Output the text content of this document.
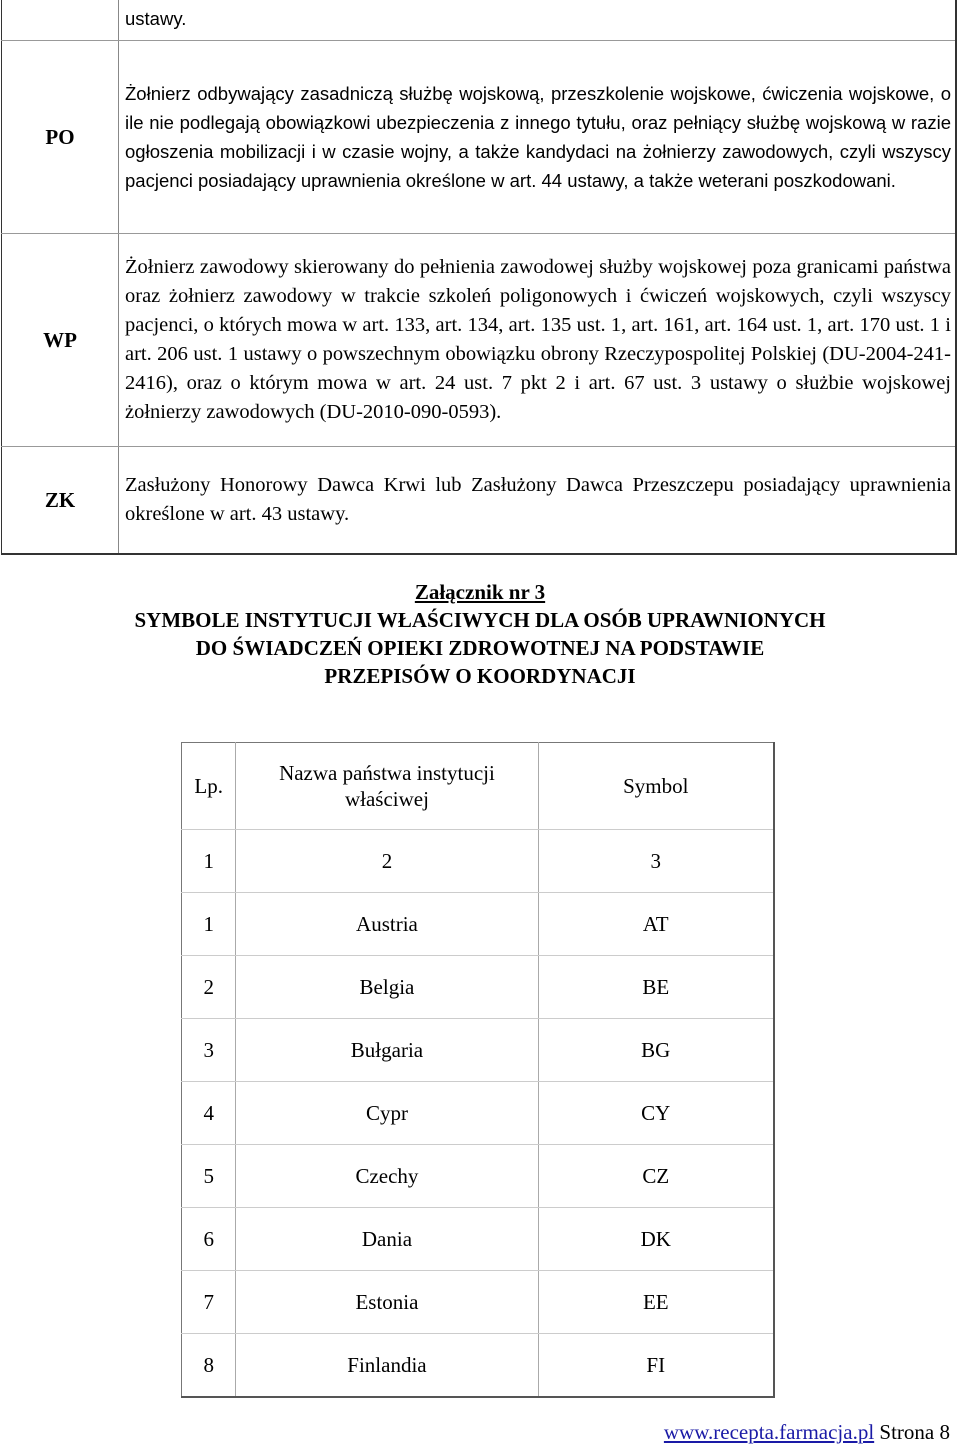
	ustawy.
PO	Żołnierz odbywający zasadniczą służbę wojskową, przeszkolenie wojskowe, ćwiczenia wojskowe, o ile nie podlegają obowiązkowi ubezpieczenia z innego tytułu, oraz pełniący służbę wojskową w razie ogłoszenia mobilizacji i w czasie wojny, a także kandydaci na żołnierzy zawodowych, czyli wszyscy pacjenci posiadający uprawnienia określone w art. 44 ustawy, a także weterani poszkodowani.
WP	Żołnierz zawodowy skierowany do pełnienia zawodowej służby wojskowej poza granicami państwa oraz żołnierz zawodowy w trakcie szkoleń poligonowych i ćwiczeń wojskowych, czyli wszyscy pacjenci, o których mowa w art. 133, art. 134, art. 135 ust. 1, art. 161, art. 164 ust. 1, art. 170 ust. 1 i art. 206 ust. 1 ustawy o powszechnym obowiązku obrony Rzeczypospolitej Polskiej (DU-2004-241-2416), oraz o którym mowa w art. 24 ust. 7 pkt 2 i art. 67 ust. 3 ustawy o służbie wojskowej żołnierzy zawodowych (DU-2010-090-0593).
ZK	Zasłużony Honorowy Dawca Krwi lub Zasłużony Dawca Przeszczepu posiadający uprawnienia określone w art. 43 ustawy.
Załącznik nr 3
SYMBOLE INSTYTUCJI WŁAŚCIWYCH DLA OSÓB UPRAWNIONYCH
DO ŚWIADCZEŃ OPIEKI ZDROWOTNEJ NA PODSTAWIE
PRZEPISÓW O KOORDYNACJI
Lp.	Nazwa państwa instytucji właściwej	Symbol
1	2	3
1	Austria	AT
2	Belgia	BE
3	Bułgaria	BG
4	Cypr	CY
5	Czechy	CZ
6	Dania	DK
7	Estonia	EE
8	Finlandia	FI
www.recepta.farmacja.pl Strona 8
